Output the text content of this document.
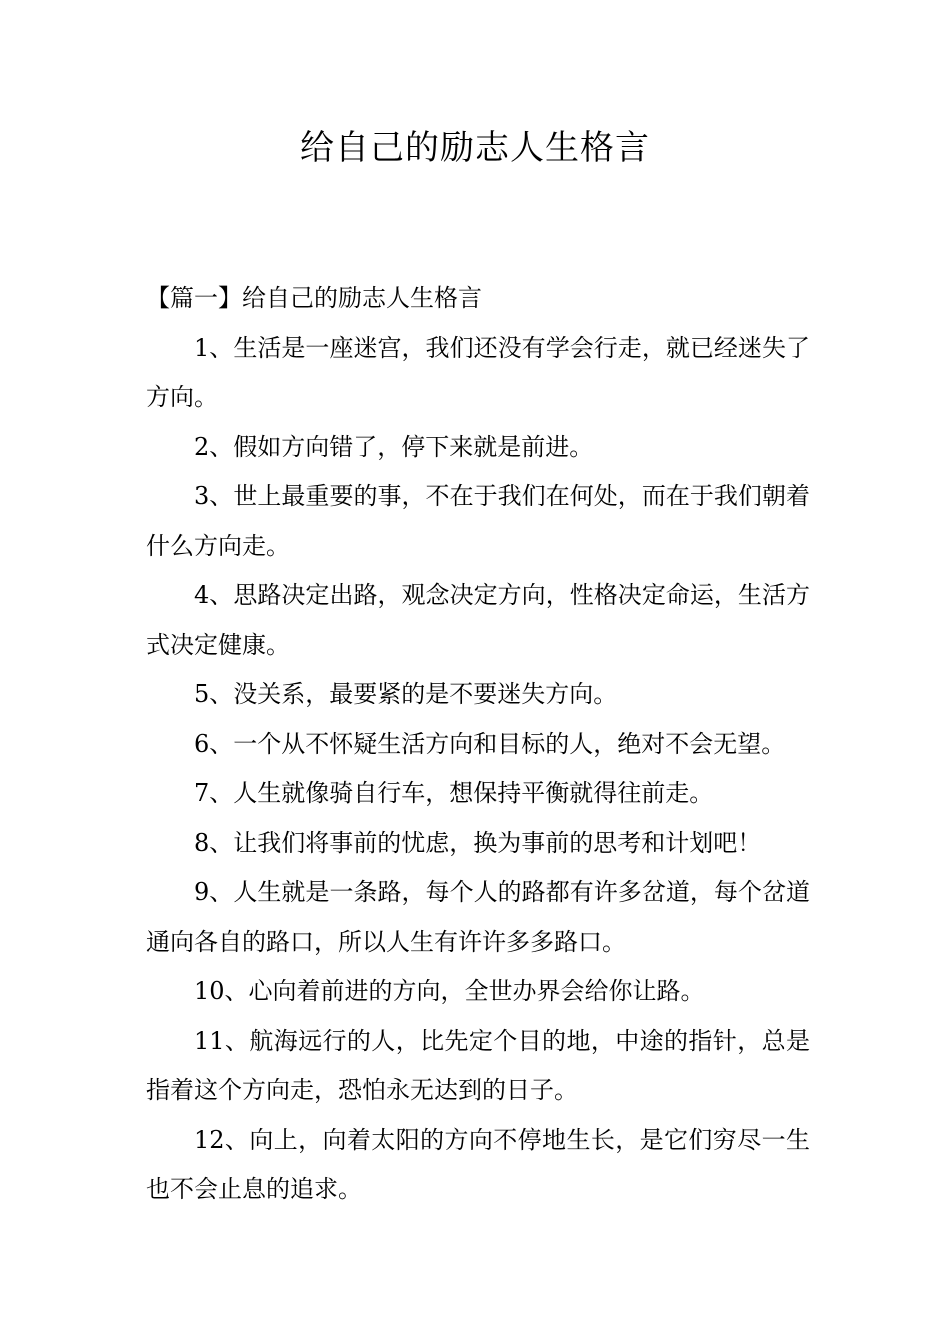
给自己的励志人生格言

【篇一】给自己的励志人生格言

1、生活是一座迷宫，我们还没有学会行走，就已经迷失了方向。

2、假如方向错了，停下来就是前进。

3、世上最重要的事，不在于我们在何处，而在于我们朝着什么方向走。

4、思路决定出路，观念决定方向，性格决定命运，生活方式决定健康。

5、没关系，最要紧的是不要迷失方向。

6、一个从不怀疑生活方向和目标的人，绝对不会无望。

7、人生就像骑自行车，想保持平衡就得往前走。

8、让我们将事前的忧虑，换为事前的思考和计划吧！

9、人生就是一条路，每个人的路都有许多岔道，每个岔道通向各自的路口，所以人生有许许多多路口。

10、心向着前进的方向，全世办界会给你让路。

11、航海远行的人，比先定个目的地，中途的指针，总是指着这个方向走，恐怕永无达到的日子。

12、向上，向着太阳的方向不停地生长，是它们穷尽一生也不会止息的追求。
